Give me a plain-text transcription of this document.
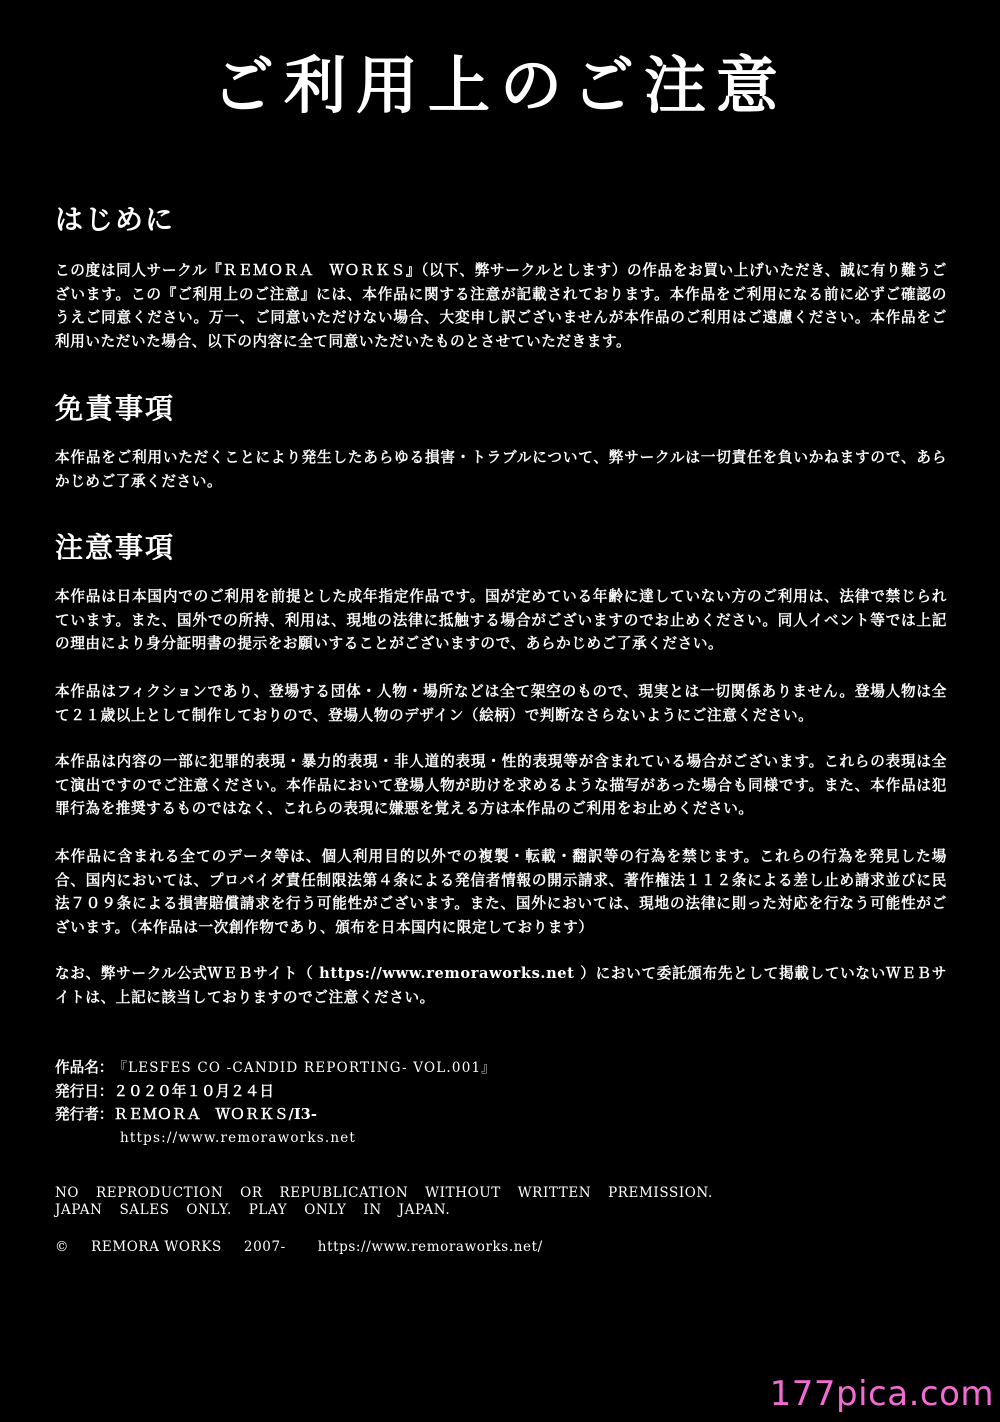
ご利用上のご注意
はじめに
この度は同人サークル『ＲＥＭＯＲＡ　ＷＯＲＫＳ』（以下、弊サークルとします）の作品をお買い上げいただき、誠に有り難うございます。この『ご利用上のご注意』には、本作品に関する注意が記載されております。本作品をご利用になる前に必ずご確認のうえご同意ください。万一、ご同意いただけない場合、大変申し訳ございませんが本作品のご利用はご遠慮ください。本作品をご利用いただいた場合、以下の内容に全て同意いただいたものとさせていただきます。
免責事項
本作品をご利用いただくことにより発生したあらゆる損害・トラブルについて、弊サークルは一切責任を負いかねますので、あらかじめご了承ください。
注意事項
本作品は日本国内でのご利用を前提とした成年指定作品です。国が定めている年齢に達していない方のご利用は、法律で禁じられています。また、国外での所持、利用は、現地の法律に抵触する場合がございますのでお止めください。同人イベント等では上記の理由により身分証明書の提示をお願いすることがございますので、あらかじめご了承ください。
本作品はフィクションであり、登場する団体・人物・場所などは全て架空のもので、現実とは一切関係ありません。登場人物は全て２１歳以上として制作しておりので、登場人物のデザイン（絵柄）で判断なさらないようにご注意ください。
本作品は内容の一部に犯罪的表現・暴力的表現・非人道的表現・性的表現等が含まれている場合がございます。これらの表現は全て演出ですのでご注意ください。本作品において登場人物が助けを求めるような描写があった場合も同様です。また、本作品は犯罪行為を推奨するものではなく、これらの表現に嫌悪を覚える方は本作品のご利用をお止めください。
本作品に含まれる全てのデータ等は、個人利用目的以外での複製・転載・翻訳等の行為を禁じます。これらの行為を発見した場合、国内においては、プロバイダ責任制限法第４条による発信者情報の開示請求、著作権法１１２条による差し止め請求並びに民法７０９条による損害賠償請求を行う可能性がございます。また、国外においては、現地の法律に則った対応を行なう可能性がございます。（本作品は一次創作物であり、頒布を日本国内に限定しております）
なお、弊サークル公式ＷＥＢサイト（ https://www.remoraworks.net ）において委託頒布先として掲載していないＷＥＢサイトは、上記に該当しておりますのでご注意ください。
作品名：『LESFES CO -CANDID REPORTING- VOL.001』
発行日：２０２０年１０月２４日
発行者：ＲＥＭＯＲＡ　ＷＯＲＫＳ/I3-
https://www.remoraworks.net
NO REPRODUCTION OR REPUBLICATION WITHOUT WRITTEN PREMISSION.
JAPAN SALES ONLY. PLAY ONLY IN JAPAN.
© REMORA WORKS 2007- https://www.remoraworks.net/
177pica.com
